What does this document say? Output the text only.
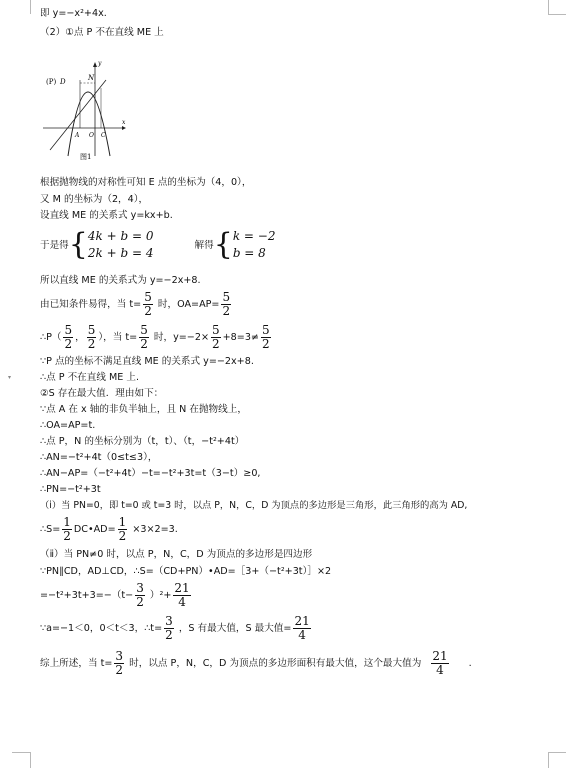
▾
即 y=−x²+4x.
（2）①点 P 不在直线 ME 上
(P) D	N
y
x
A O C
图1
根据抛物线的对称性可知 E 点的坐标为（4，0），
又 M 的坐标为（2，4），
设直线 ME 的关系式 y=kx+b.
于是得{ 4k + b = 0
2k + b = 4
解得{ k = −2
b = 8
所以直线 ME 的关系式为 y=−2x+8.
由已知条件易得，当 $t= \frac{5}{2}$ 时，$OA=AP= \frac{5}{2}$
∴P（ $\frac{5}{2}$ ， $\frac{5}{2}$ ），当 $t= \frac{5}{2}$ 时，$y=-2\times \frac{5}{2} +8=3\ne \frac{5}{2}$
∵P 点的坐标不满足直线 ME 的关系式 y=−2x+8.
∴点 P 不在直线 ME 上.
②S 存在最大值．理由如下：
∵点 A 在 x 轴的非负半轴上，且 N 在抛物线上，
∴OA=AP=t.
∴点 P，N 的坐标分别为（t，t）、（t，−t²+4t）
∴AN=−t²+4t（0≤t≤3），
∴AN−AP=（−t²+4t）−t=−t²+3t=t（3−t）≥0,
∴PN=−t²+3t
（ⅰ）当 PN=0，即 t=0 或 t=3 时，以点 P，N，C，D 为顶点的多边形是三角形，此三角形的高为 AD,
∴S= $\frac{1}{2}$ DC•AD= $\frac{1}{2} \times 3\times 2=3$.
（ⅱ）当 PN≠0 时，以点 P，N，C，D 为顶点的多边形是四边形
∵PN∥CD，AD⊥CD，∴S=（CD+PN）•AD=［3+（−t²+3t）］×2
$=-t^2+3t+3=-(t- \frac{3}{2} )^2+ \frac{21}{4}$
∵a=−1＜0，0＜t＜3，∴t= $\frac{3}{2}$ ，S 有最大值，S 最大值= $\frac{21}{4}$
综上所述，当 $t= \frac{3}{2}$ 时，以点 P，N，C，D 为顶点的多边形面积有最大值，这个最大值为 $\frac{21}{4}$ .
